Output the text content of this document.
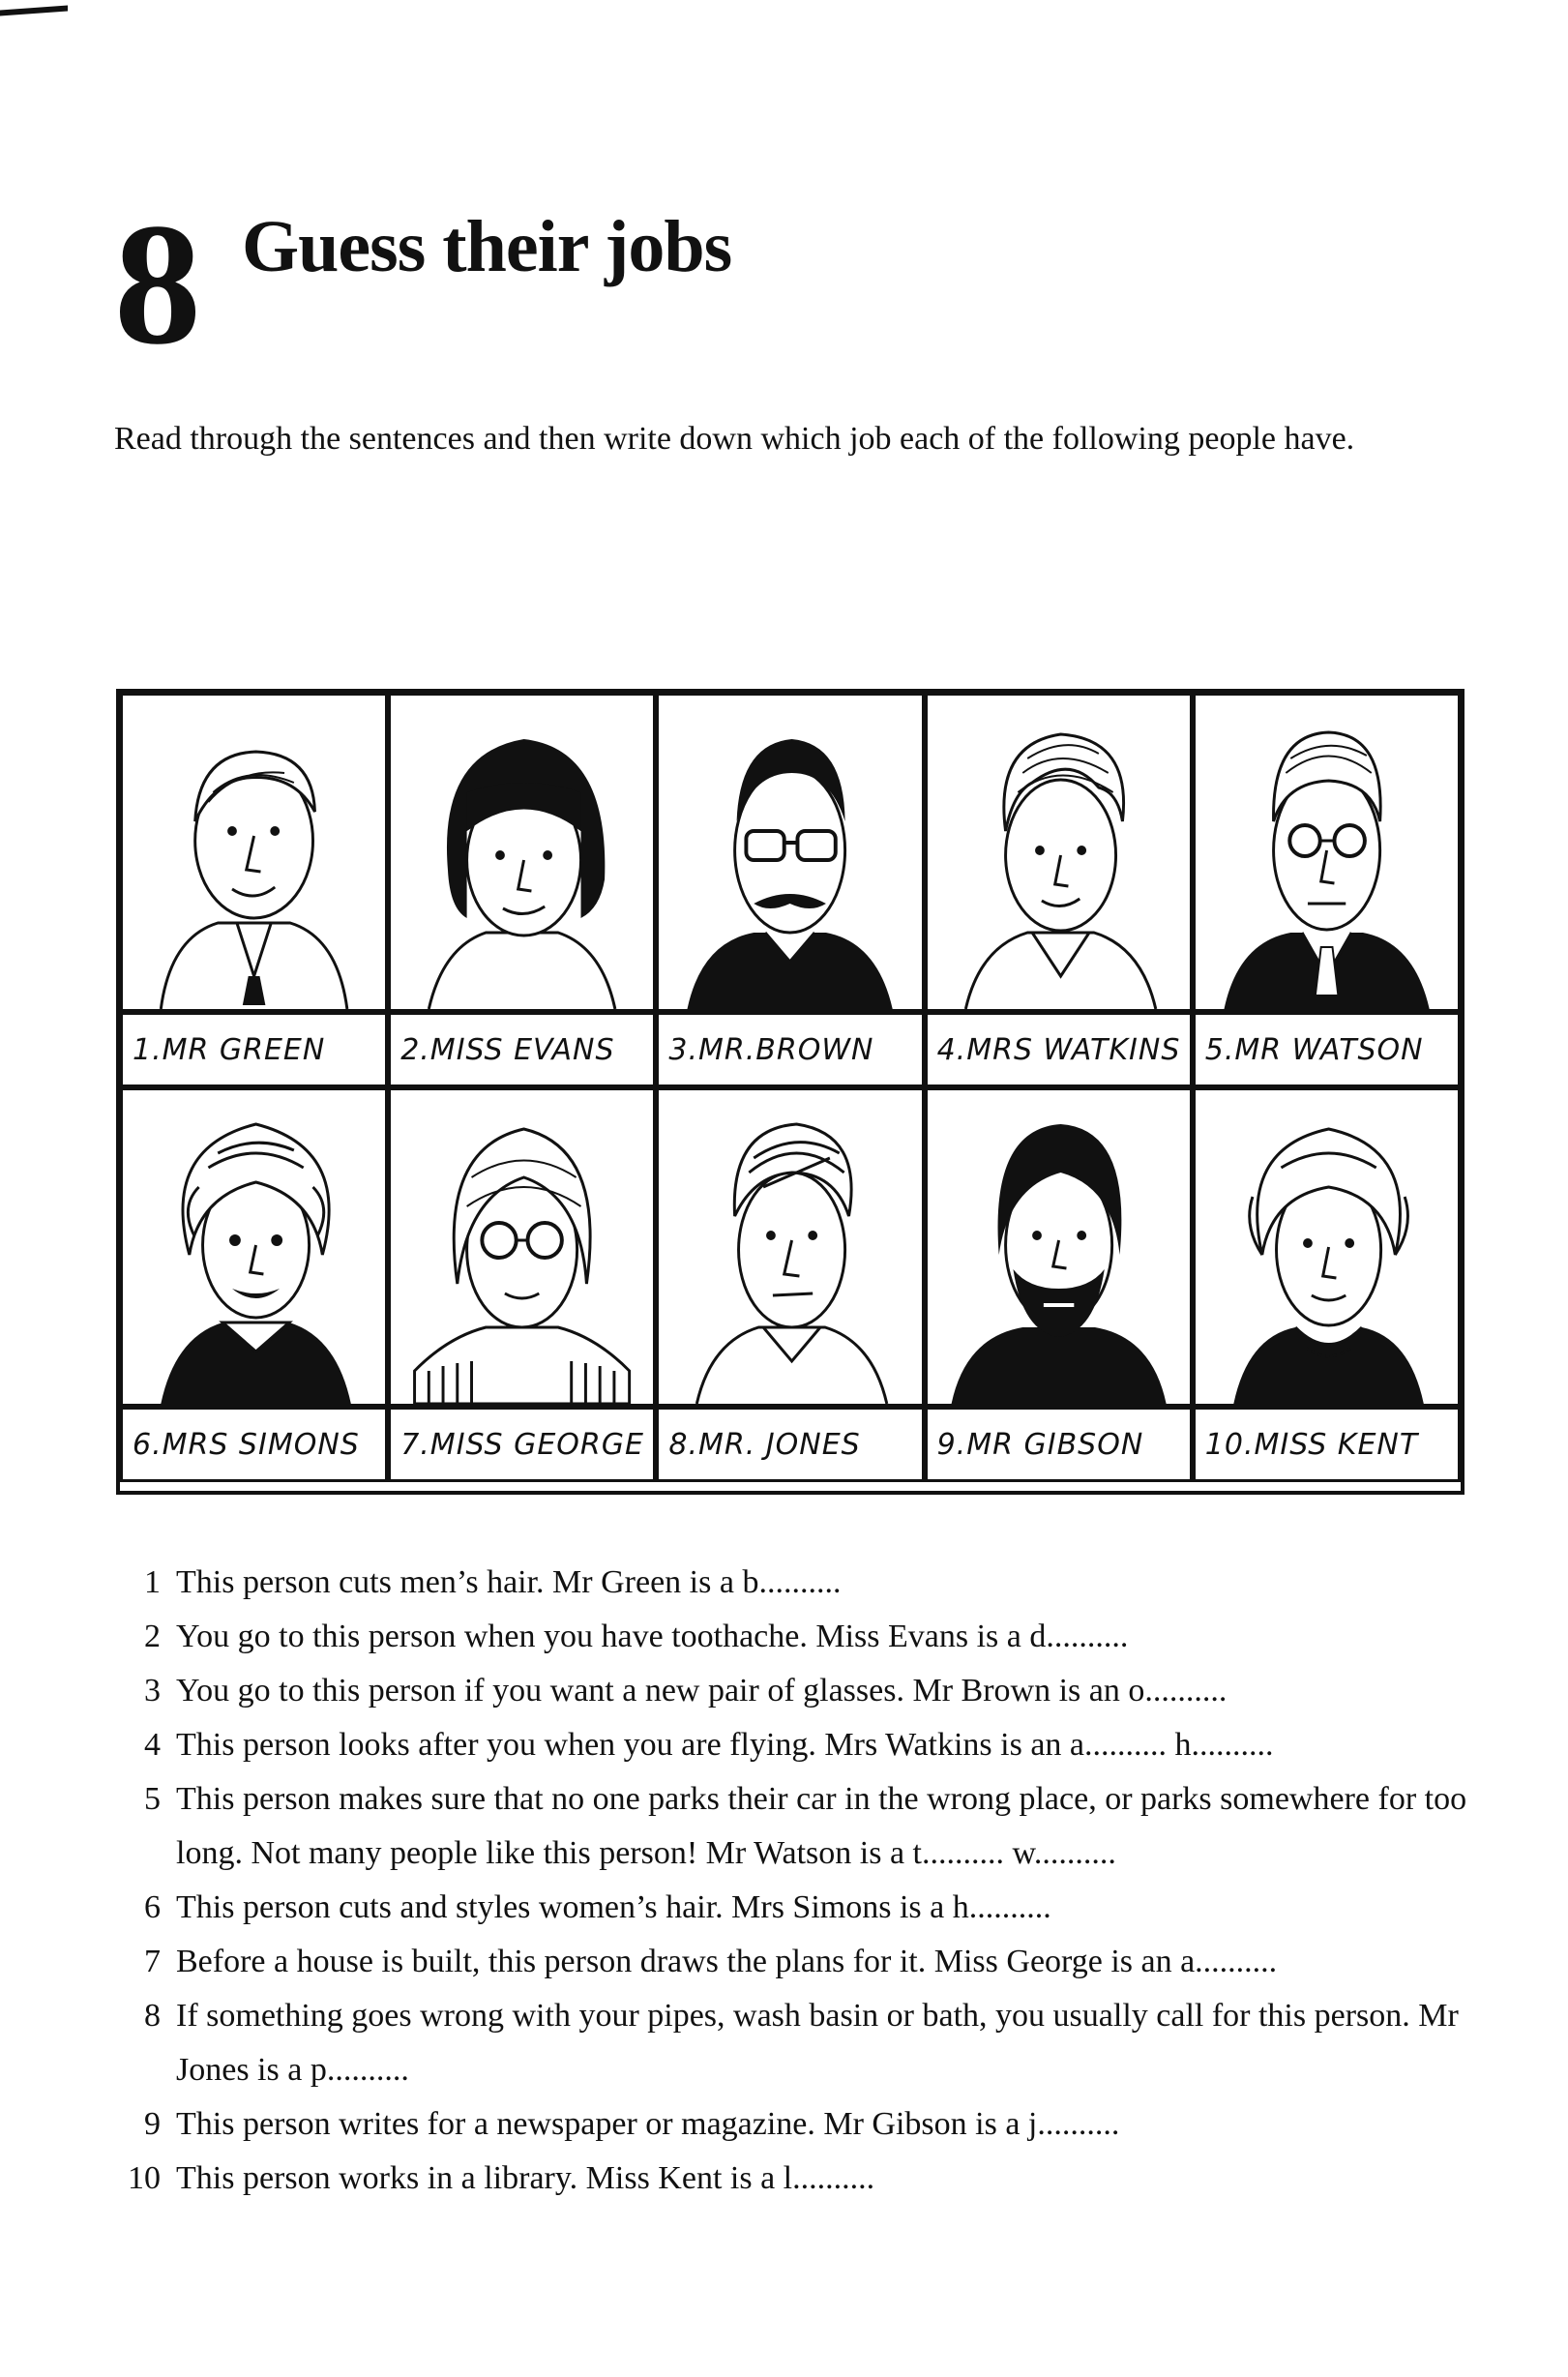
8 Guess their jobs
Read through the sentences and then write down which job each of the following people have.
1.MR GREEN	2.MISS EVANS	3.MR.BROWN	4.MRS WATKINS 5.MR WATSON
6.MRS SIMONS	7.MISS GEORGE 8.MR. JONES	9.MR GIBSON	10.MISS KENT
1 This person cuts men’s hair. Mr Green is a b..........
2 You go to this person when you have toothache. Miss Evans is a d..........
3 You go to this person if you want a new pair of glasses. Mr Brown is an o..........
4 This person looks after you when you are flying. Mrs Watkins is an a.......... h..........
5 This person makes sure that no one parks their car in the wrong place, or parks somewhere for too long. Not many people like this person! Mr Watson is a t.......... w..........
6 This person cuts and styles women’s hair. Mrs Simons is a h..........
7 Before a house is built, this person draws the plans for it. Miss George is an a..........
8 If something goes wrong with your pipes, wash basin or bath, you usually call for this person. Mr Jones is a p..........
9 This person writes for a newspaper or magazine. Mr Gibson is a j..........
10 This person works in a library. Miss Kent is a l..........
